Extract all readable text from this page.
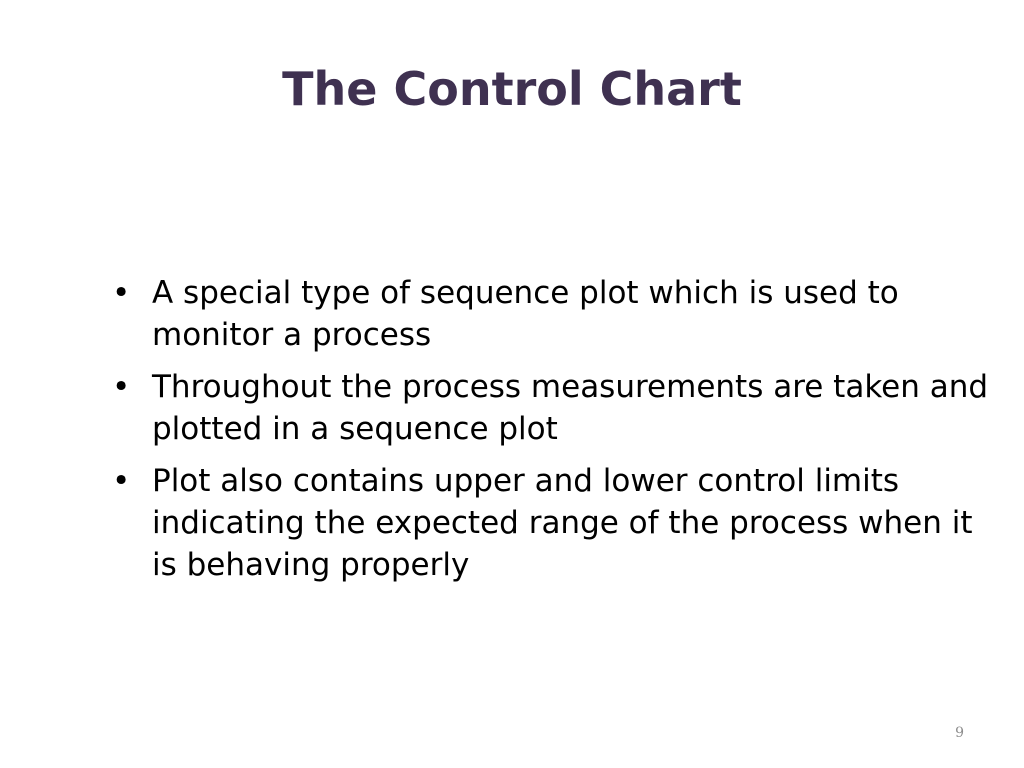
The Control Chart
• A special type of sequence plot which is used to monitor a process
• Throughout the process measurements are taken and plotted in a sequence plot
• Plot also contains upper and lower control limits indicating the expected range of the process when it is behaving properly
9
